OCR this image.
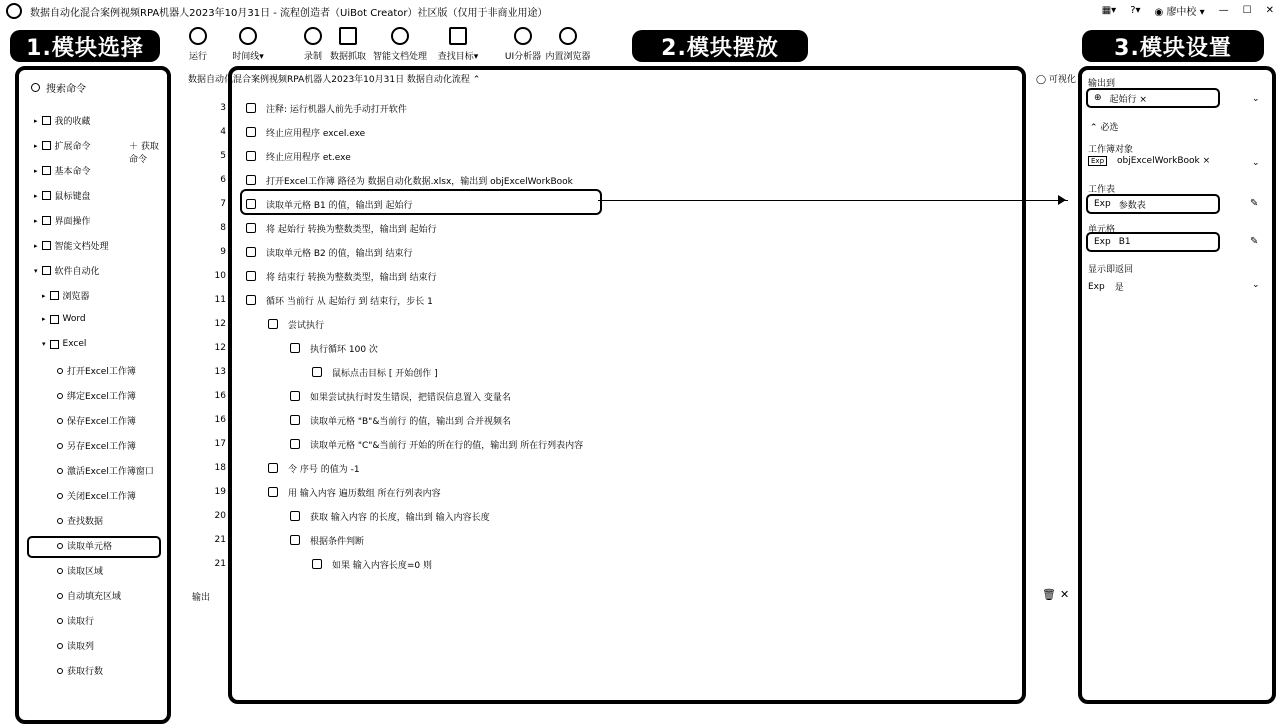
数据自动化混合案例视频RPA机器人2023年10月31日 - 流程创造者（UiBot Creator）社区版（仅用于非商业用途）	▦▾ ?▾ ◉ 廖中校 ▾ — ☐ ✕
1.模块选择	2.模块摆放	3.模块设置
运行	时间线▾	录制 数据抓取 智能文档处理 查找目标▾	UI分析器 内置浏览器
搜索命令
＋ 获取命令
▸ 我的收藏
▸ 扩展命令
▸ 基本命令
▸ 鼠标键盘
▸ 界面操作
▸ 智能文档处理
▾ 软件自动化
▸ 浏览器
▸ Word
▾ Excel
打开Excel工作簿
绑定Excel工作簿
保存Excel工作簿
另存Excel工作簿
激活Excel工作簿窗口
关闭Excel工作簿
查找数据
读取单元格
读取区域
自动填充区域
读取行
读取列
获取行数
数据自动化混合案例视频RPA机器人2023年10月31日 数据自动化流程 ⌃	◯ 可视化
3	注释: 运行机器人前先手动打开软件
4	终止应用程序 excel.exe
5	终止应用程序 et.exe
6	打开Excel工作簿 路径为 数据自动化数据.xlsx，输出到 objExcelWorkBook
7	读取单元格 B1 的值，输出到 起始行
8	将 起始行 转换为整数类型，输出到 起始行
9	读取单元格 B2 的值，输出到 结束行
10	将 结束行 转换为整数类型，输出到 结束行
11	循环 当前行 从 起始行 到 结束行，步长 1
12	尝试执行
12	执行循环 100 次
13	鼠标点击目标 [ 开始创作 ]
16	如果尝试执行时发生错误，把错误信息置入 变量名
16	读取单元格 "B"&当前行 的值，输出到 合并视频名
17	读取单元格 "C"&当前行 开始的所在行的值，输出到 所在行列表内容
18	令 序号 的值为 -1
19	用 输入内容 遍历数组 所在行列表内容
20	获取 输入内容 的长度，输出到 输入内容长度
21	根据条件判断
21	如果 输入内容长度=0 则
输出	🗑 ✕
输出到
⊕ 起始行 ×	⌄
⌃ 必选
工作簿对象
Exp	objExcelWorkBook ×	⌄
工作表
Exp 参数表	✎
单元格
Exp B1	✎
显示即返回
Exp 是	⌄
